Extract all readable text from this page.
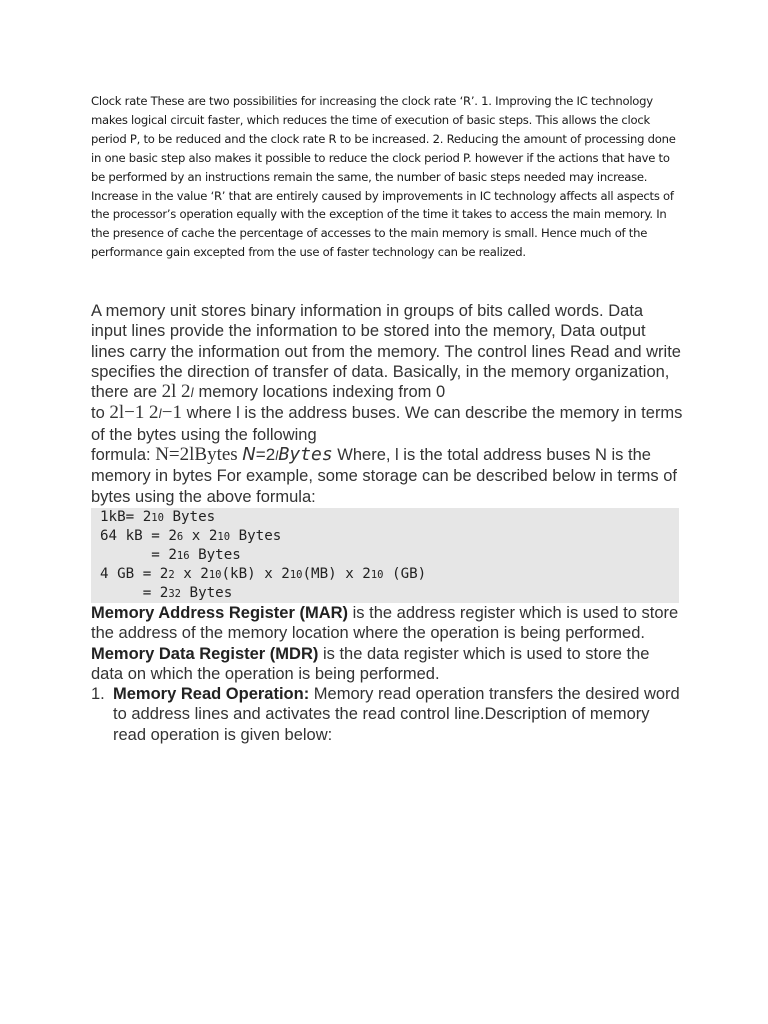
Clock rate These are two possibilities for increasing the clock rate ‘R’. 1. Improving the IC technology makes logical circuit faster, which reduces the time of execution of basic steps. This allows the clock period P, to be reduced and the clock rate R to be increased. 2. Reducing the amount of processing done in one basic step also makes it possible to reduce the clock period P. however if the actions that have to be performed by an instructions remain the same, the number of basic steps needed may increase. Increase in the value ‘R’ that are entirely caused by improvements in IC technology affects all aspects of the processor’s operation equally with the exception of the time it takes to access the main memory. In the presence of cache the percentage of accesses to the main memory is small. Hence much of the performance gain excepted from the use of faster technology can be realized.

A memory unit stores binary information in groups of bits called words. Data input lines provide the information to be stored into the memory, Data output lines carry the information out from the memory. The control lines Read and write specifies the direction of transfer of data. Basically, in the memory organization, there are 2l 2l memory locations indexing from 0
to 2l−1 2l−1 where l is the address buses. We can describe the memory in terms of the bytes using the following
formula: N=2lBytes N=2lBytes Where, l is the total address buses N is the memory in bytes For example, some storage can be described below in terms of bytes using the above formula:

1kB= 210 Bytes
64 kB = 26 x 210 Bytes
= 216 Bytes
4 GB = 22 x 210(kB) x 210(MB) x 210 (GB)
= 232 Bytes

Memory Address Register (MAR) is the address register which is used to store the address of the memory location where the operation is being performed. Memory Data Register (MDR) is the data register which is used to store the data on which the operation is being performed.

1. Memory Read Operation: Memory read operation transfers the desired word to address lines and activates the read control line.Description of memory read operation is given below:
